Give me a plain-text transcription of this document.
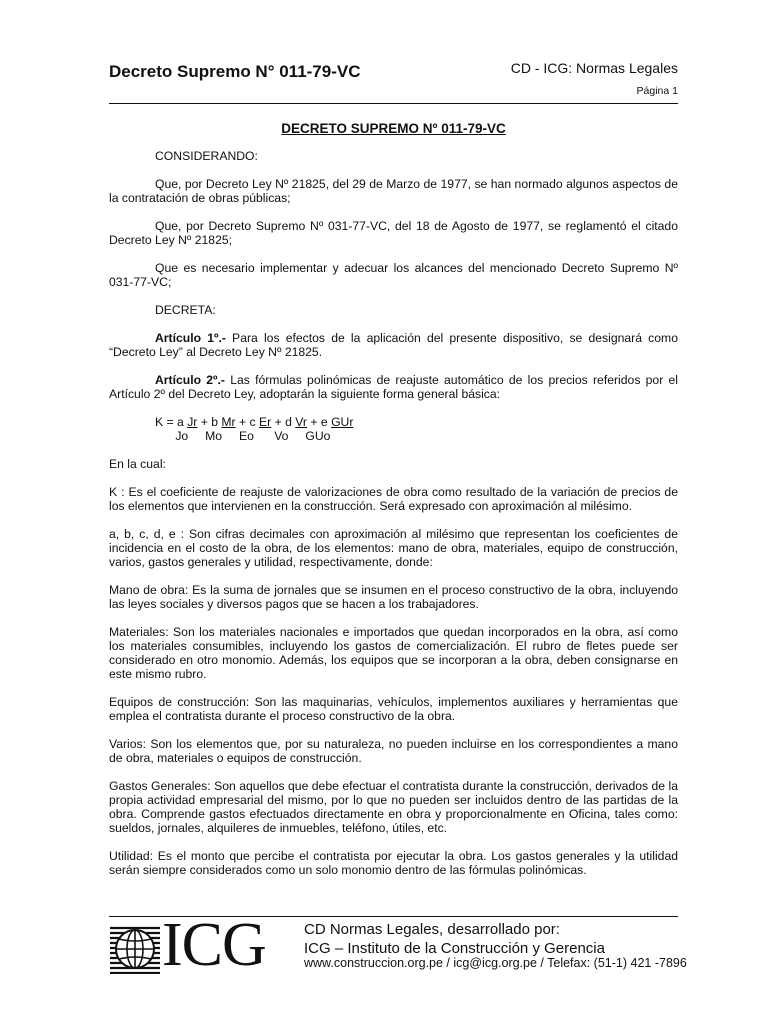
Decreto Supremo N° 011-79-VC	CD - ICG: Normas Legales
Página 1
DECRETO SUPREMO Nº 011-79-VC

CONSIDERANDO:

Que, por Decreto Ley Nº 21825, del 29 de Marzo de 1977, se han normado algunos aspectos de la contratación de obras públicas;

Que, por Decreto Supremo Nº 031-77-VC, del 18 de Agosto de 1977, se reglamentó el citado Decreto Ley Nº 21825;

Que es necesario implementar y adecuar los alcances del mencionado Decreto Supremo Nº 031-77-VC;

DECRETA:

Artículo 1º.- Para los efectos de la aplicación del presente dispositivo, se designará como “Decreto Ley” al Decreto Ley Nº 21825.

Artículo 2º.- Las fórmulas polinómicas de reajuste automático de los precios referidos por el Artículo 2º del Decreto Ley, adoptarán la siguiente forma general básica:

K = a Jr + b Mr + c Er + d Vr + e GUr
Jo     Mo     Eo      Vo     GUo

En la cual:

K : Es el coeficiente de reajuste de valorizaciones de obra como resultado de la variación de precios de los elementos que intervienen en la construcción. Será expresado con aproximación al milésimo.

a, b, c, d, e : Son cifras decimales con aproximación al milésimo que representan los coeficientes de incidencia en el costo de la obra, de los elementos: mano de obra, materiales, equipo de construcción, varios, gastos generales y utilidad, respectivamente, donde:

Mano de obra: Es la suma de jornales que se insumen en el proceso constructivo de la obra, incluyendo las leyes sociales y diversos pagos que se hacen a los trabajadores.

Materiales: Son los materiales nacionales e importados que quedan incorporados en la obra, así como los materiales consumibles, incluyendo los gastos de comercialización. El rubro de fletes puede ser considerado en otro monomio. Además, los equipos que se incorporan a la obra, deben consignarse en este mismo rubro.

Equipos de construcción: Son las maquinarias, vehículos, implementos auxiliares y herramientas que emplea el contratista durante el proceso constructivo de la obra.

Varios: Son los elementos que, por su naturaleza, no pueden incluirse en los correspondientes a mano de obra, materiales o equipos de construcción.

Gastos Generales: Son aquellos que debe efectuar el contratista durante la construcción, derivados de la propia actividad empresarial del mismo, por lo que no pueden ser incluidos dentro de las partidas de la obra. Comprende gastos efectuados directamente en obra y proporcionalmente en Oficina, tales como: sueldos, jornales, alquileres de inmuebles, teléfono, útiles, etc.

Utilidad: Es el monto que percibe el contratista por ejecutar la obra. Los gastos generales y la utilidad serán siempre considerados como un solo monomio dentro de las fórmulas polinómicas.

ICG	CD Normas Legales, desarrollado por:
ICG – Instituto de la Construcción y Gerencia
www.construccion.org.pe / icg@icg.org.pe / Telefax: (51-1) 421 -7896
